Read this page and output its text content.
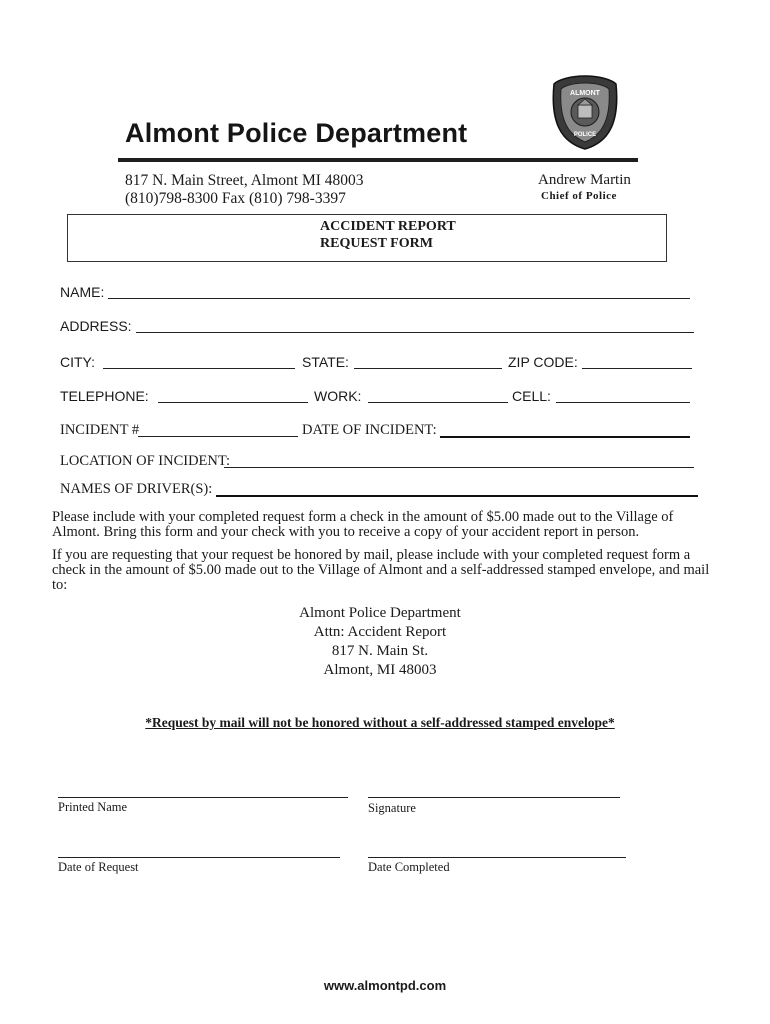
Almont Police Department
ALMONT
POLICE
817 N. Main Street, Almont MI 48003
(810)798-8300 Fax (810) 798-3397
Andrew Martin
Chief of Police
ACCIDENT REPORT
REQUEST FORM
NAME:
ADDRESS:
CITY:	STATE:	ZIP CODE:
TELEPHONE:	WORK:	CELL:
INCIDENT #	DATE OF INCIDENT:
LOCATION OF INCIDENT:
NAMES OF DRIVER(S):
Please include with your completed request form a check in the amount of $5.00 made out to the Village of Almont. Bring this form and your check with you to receive a copy of your accident report in person.
If you are requesting that your request be honored by mail, please include with your completed request form a check in the amount of $5.00 made out to the Village of Almont and a self-addressed stamped envelope, and mail to:
Almont Police Department
Attn: Accident Report
817 N. Main St.
Almont, MI 48003
*Request by mail will not be honored without a self-addressed stamped envelope*
Printed Name	Signature
Date of Request	Date Completed
www.almontpd.com
